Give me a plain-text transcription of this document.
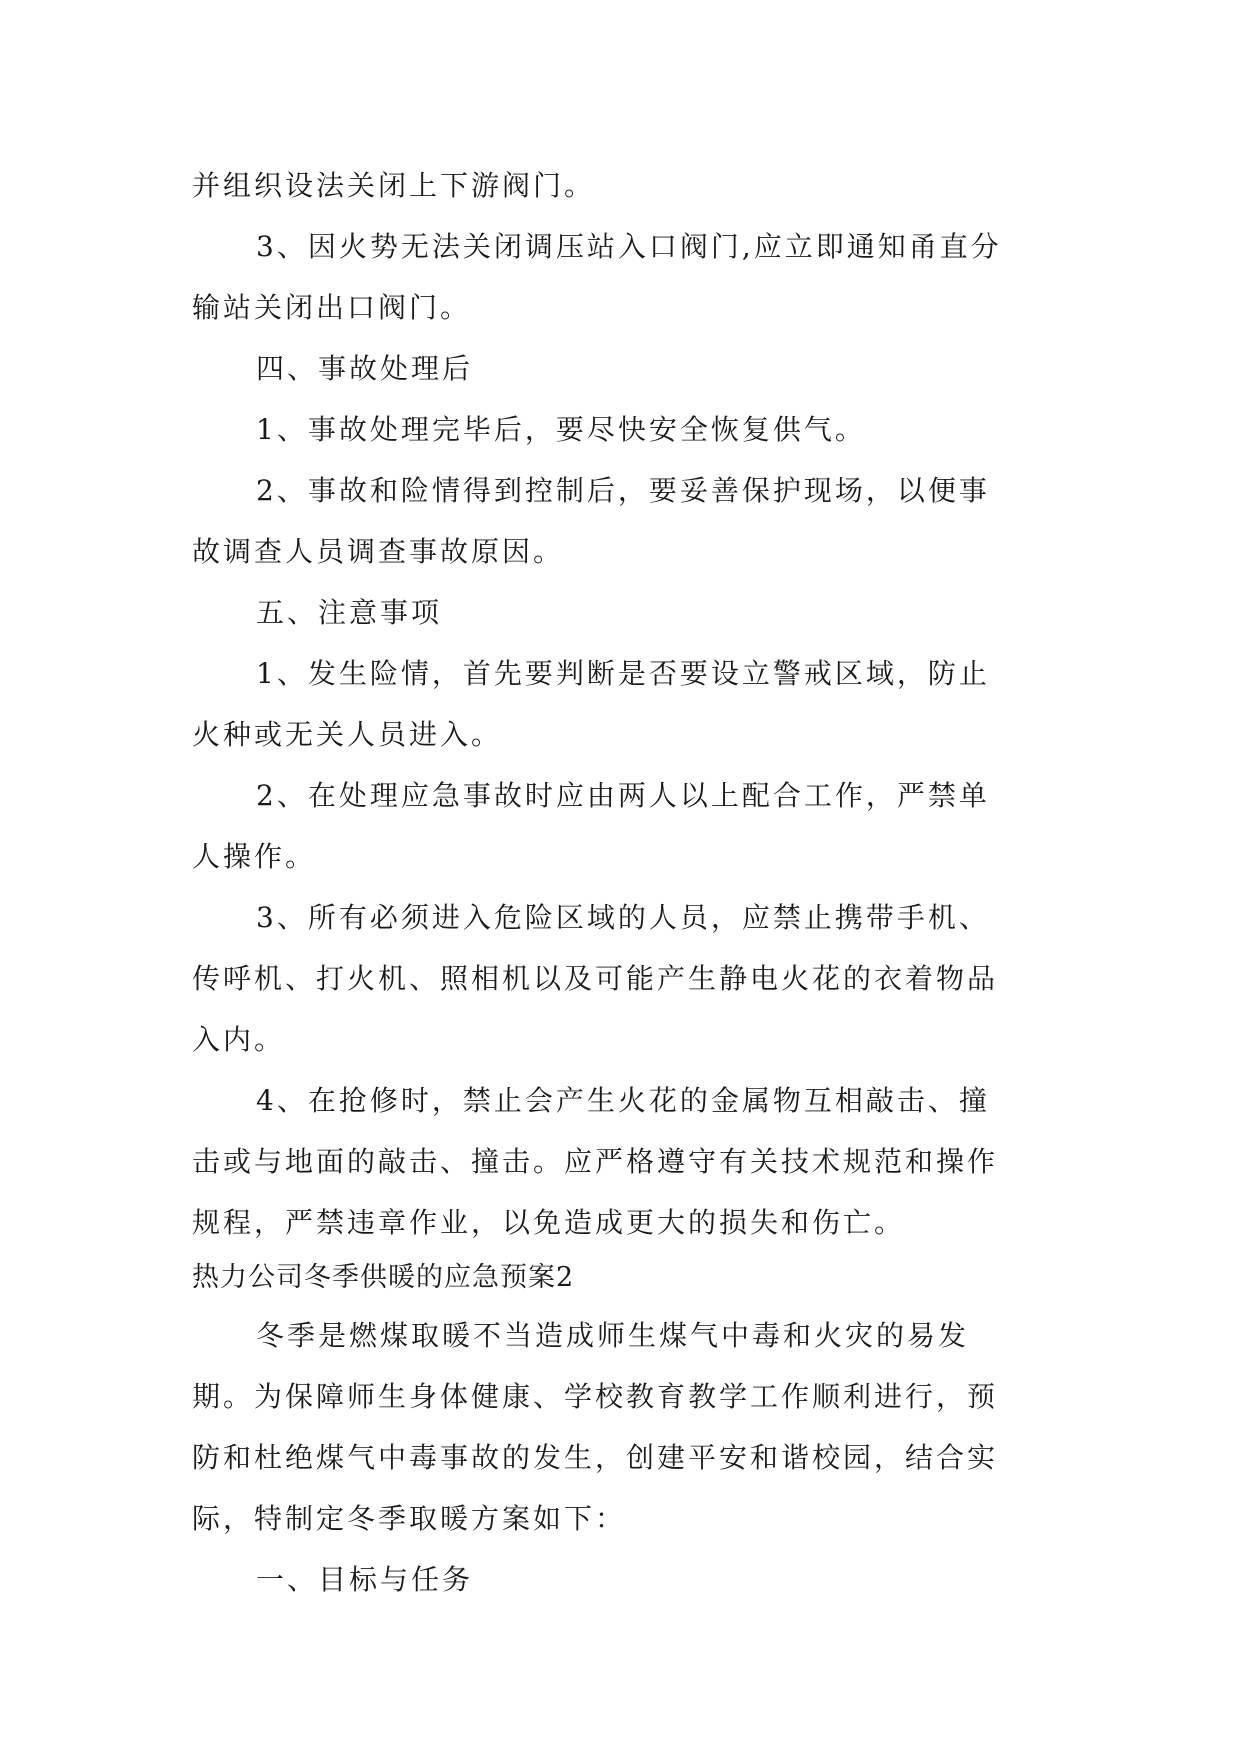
并组织设法关闭上下游阀门。
3、因火势无法关闭调压站入口阀门,应立即通知甬直分
输站关闭出口阀门。
四、事故处理后
1、事故处理完毕后，要尽快安全恢复供气。
2、事故和险情得到控制后，要妥善保护现场，以便事
故调查人员调查事故原因。
五、注意事项
1、发生险情，首先要判断是否要设立警戒区域，防止
火种或无关人员进入。
2、在处理应急事故时应由两人以上配合工作，严禁单
人操作。
3、所有必须进入危险区域的人员，应禁止携带手机、
传呼机、打火机、照相机以及可能产生静电火花的衣着物品
入内。
4、在抢修时，禁止会产生火花的金属物互相敲击、撞
击或与地面的敲击、撞击。应严格遵守有关技术规范和操作
规程，严禁违章作业，以免造成更大的损失和伤亡。
热力公司冬季供暖的应急预案2
冬季是燃煤取暖不当造成师生煤气中毒和火灾的易发
期。为保障师生身体健康、学校教育教学工作顺利进行，预
防和杜绝煤气中毒事故的发生，创建平安和谐校园，结合实
际，特制定冬季取暖方案如下：
一、目标与任务
